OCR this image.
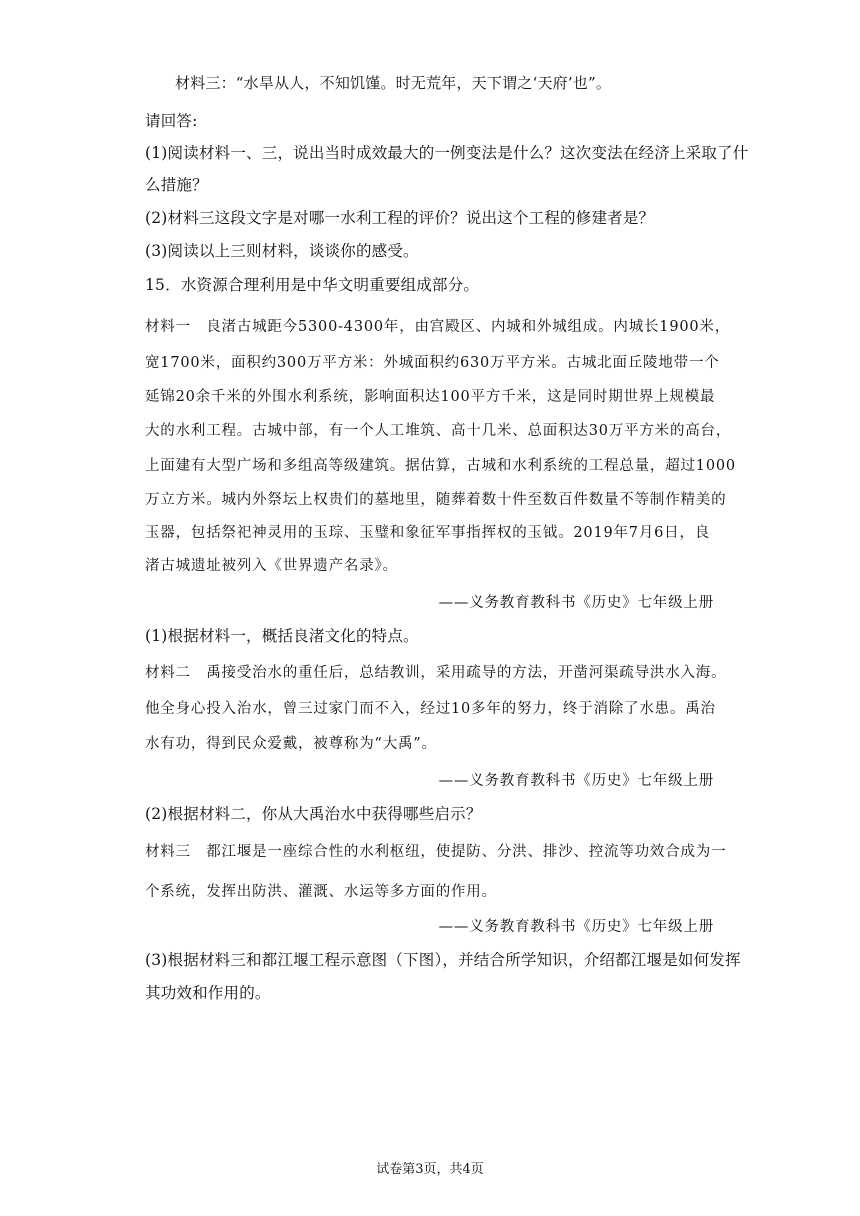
材料三：“水旱从人，不知饥馑。时无荒年，天下谓之‘天府’也”。
请回答:
(1)阅读材料一、三，说出当时成效最大的一例变法是什么？这次变法在经济上采取了什
么措施？
(2)材料三这段文字是对哪一水利工程的评价？说出这个工程的修建者是？
(3)阅读以上三则材料，谈谈你的感受。
15．水资源合理利用是中华文明重要组成部分。
材料一　良渚古城距今5300-4300年，由宫殿区、内城和外城组成。内城长1900米，
宽1700米，面积约300万平方米：外城面积约630万平方米。古城北面丘陵地带一个
延锦20余千米的外围水利系统，影响面积达100平方千米，这是同时期世界上规模最
大的水利工程。古城中部，有一个人工堆筑、高十几米、总面积达30万平方米的高台，
上面建有大型广场和多组高等级建筑。据估算，古城和水利系统的工程总量，超过1000
万立方米。城内外祭坛上权贵们的墓地里，随葬着数十件至数百件数量不等制作精美的
玉器，包括祭祀神灵用的玉琮、玉璧和象征军事指挥权的玉钺。2019年7月6日，良
渚古城遗址被列入《世界遗产名录》。
——义务教育教科书《历史》七年级上册
(1)根据材料一，概括良渚文化的特点。
材料二　禹接受治水的重任后，总结教训，采用疏导的方法，开凿河渠疏导洪水入海。
他全身心投入治水，曾三过家门而不入，经过10多年的努力，终于消除了水患。禹治
水有功，得到民众爱戴，被尊称为“大禹”。
——义务教育教科书《历史》七年级上册
(2)根据材料二，你从大禹治水中获得哪些启示？
材料三　都江堰是一座综合性的水利枢纽，使提防、分洪、排沙、控流等功效合成为一
个系统，发挥出防洪、灌溉、水运等多方面的作用。
——义务教育教科书《历史》七年级上册
(3)根据材料三和都江堰工程示意图（下图），并结合所学知识，介绍都江堰是如何发挥
其功效和作用的。
试卷第3页，共4页
